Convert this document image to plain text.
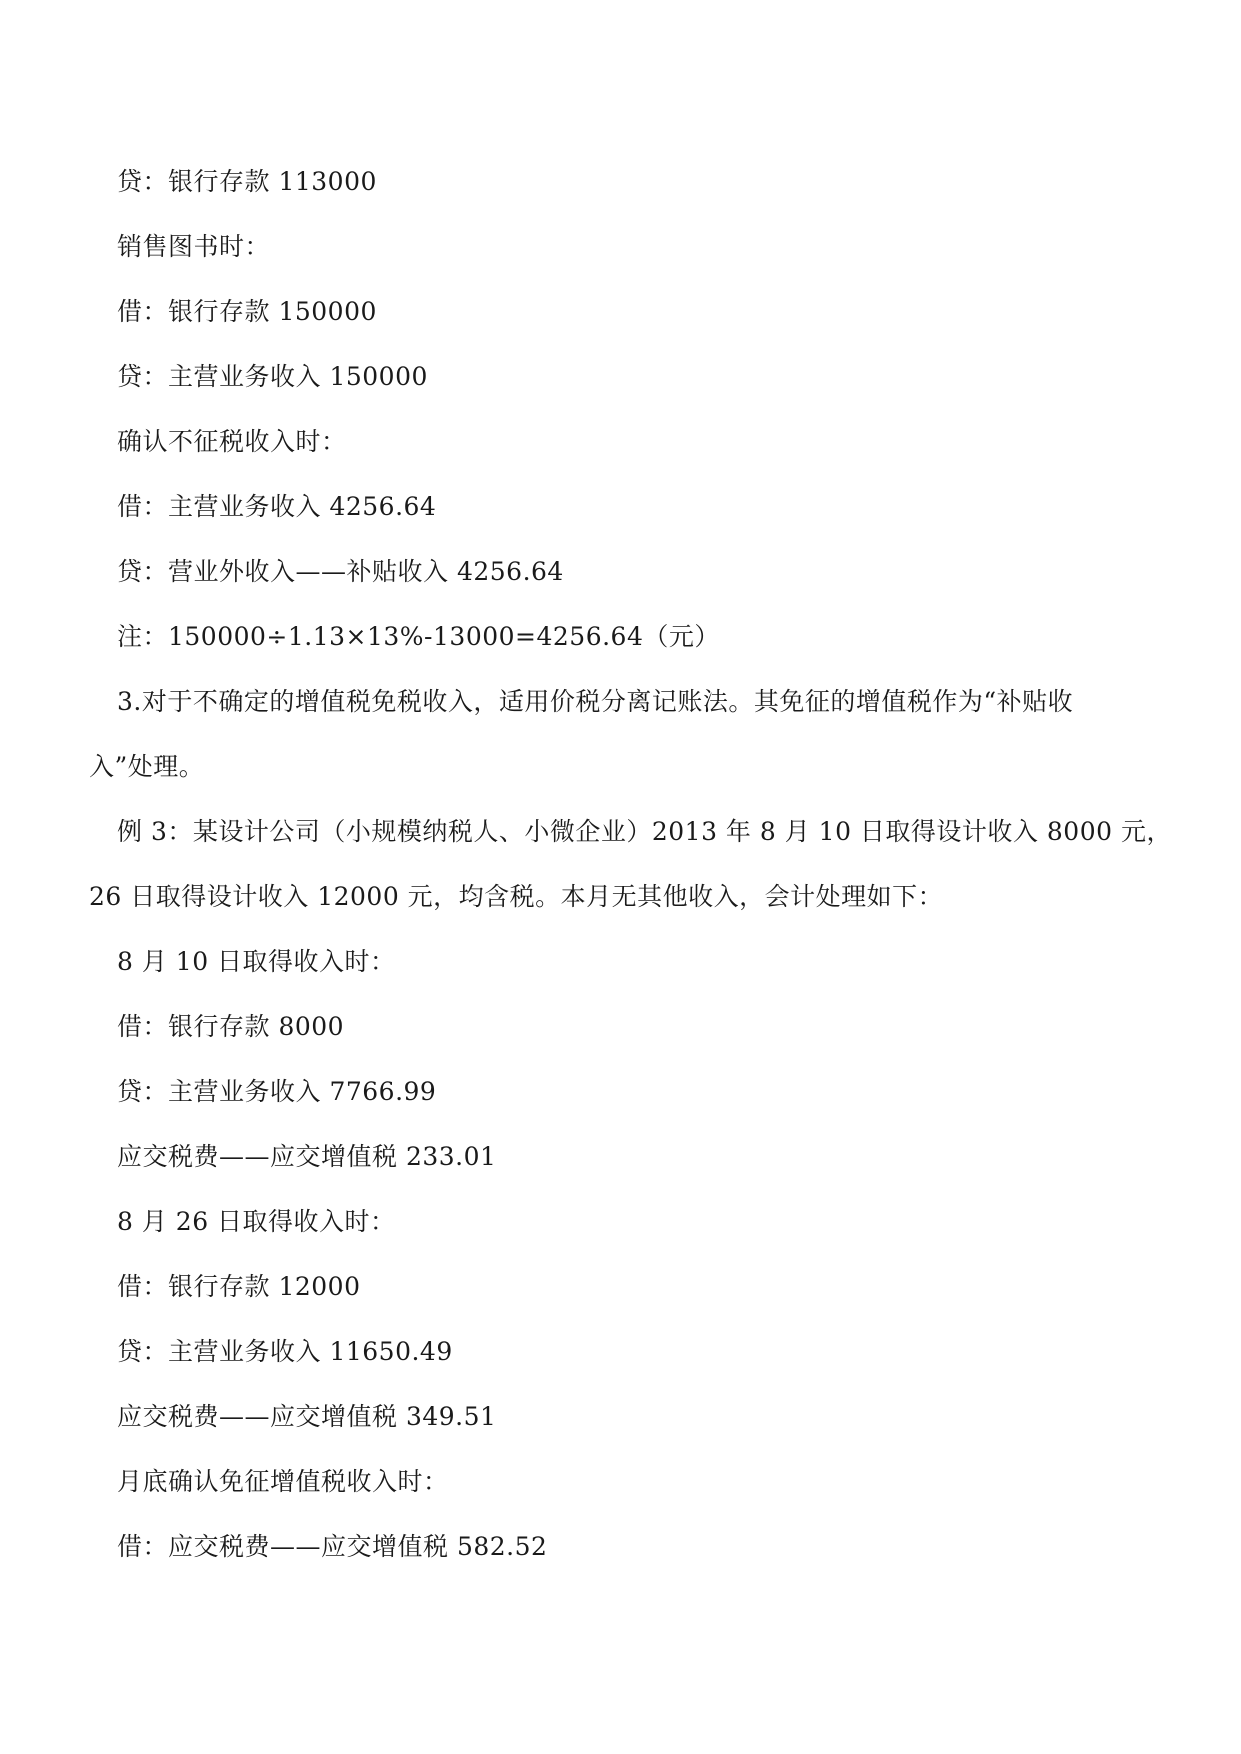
贷：银行存款 113000
销售图书时：
借：银行存款 150000
贷：主营业务收入 150000
确认不征税收入时：
借：主营业务收入 4256.64
贷：营业外收入——补贴收入 4256.64
注：150000÷1.13×13%-13000=4256.64（元）
3.对于不确定的增值税免税收入，适用价税分离记账法。其免征的增值税作为“补贴收
入”处理。
例 3：某设计公司（小规模纳税人、小微企业）2013 年 8 月 10 日取得设计收入 8000 元，
26 日取得设计收入 12000 元，均含税。本月无其他收入，会计处理如下：
8 月 10 日取得收入时：
借：银行存款 8000
贷：主营业务收入 7766.99
应交税费——应交增值税 233.01
8 月 26 日取得收入时：
借：银行存款 12000
贷：主营业务收入 11650.49
应交税费——应交增值税 349.51
月底确认免征增值税收入时：
借：应交税费——应交增值税 582.52
